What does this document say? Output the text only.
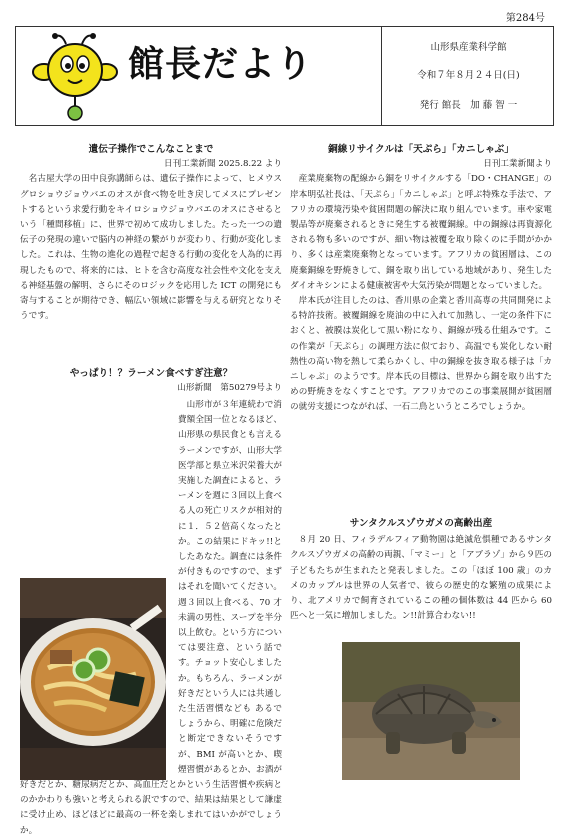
第284号
山形県産業科学館
令和７年８月２４日(日)
発行 館長　加 藤 智 一
館長だより
遺伝子操作でこんなことまで
日刊工業新聞 2025.8.22 より

名古屋大学の田中良弥講師らは、遺伝子操作によって、ヒメウスグロショウジョウバエのオスが食べ物を吐き戻してメスにプレゼントするという求愛行動をキイロショウジョウバエのオスにさせるという「種間移植」に、世界で初めて成功しました。たった一つの遺伝子の発現の違いで脳内の神経の繋がりが変わり、行動が変化しました。これは、生物の進化の過程で起きる行動の変化を人為的に再現したもので、将来的には、ヒトを含む高度な社会性や文化を支える神経基盤の解明、さらにそのロジックを応用した ICT の開発にも寄与することが期待でき、幅広い領域に影響を与える研究となりそうです。

やっぱり！？ラーメン食べすぎ注意？
山形新聞　第50279号より

山形市が３年連続わで消費額全国一位となるほど、山形県の県民食とも言えるラーメンですが、山形大学医学部と県立米沢栄養大が実施した調査によると、ラーメンを週に３回以上食べる人の死亡リスクが相対的に１．５２倍高くなったとか。この結果にドキッ!!としたあなた。調査には条件が付きものですので、まずはそれを聞いてください。週３回以上食べる、70 才未満の男性、スープを半分以上飲む。という方については要注意、という話です。チョット安心しましたか。もちろん、ラーメンが好きだという人には共通した生活習慣なども あるでしょうから、明確に危険だと断定できないそうですが、BMI が高いとか、喫煙習慣があるとか、お酒が好きだとか、糖尿病だとか、高血圧だとかという生活習慣や疾病とのかかわりも強いと考えられる訳ですので、結果は結果として謙虚に受け止め、ほどほどに最高の一杯を楽しまれてはいかがでしょうか。

銅線リサイクルは「天ぷら」「カニしゃぶ」
日刊工業新聞より

産業廃棄物の配線から銅をリサイクルする「DO・CHANGE」の岸本明弘社長は、「天ぷら」「カニしゃぶ」と呼ぶ特殊な手法で、アフリカの環境汚染や貧困問題の解決に取り組んでいます。車や家電製品等が廃棄されるときに発生する被覆銅線。中の銅線は再資源化される物も多いのですが、細い物は被覆を取り除くのに手間がかかり、多くは産業廃棄物となっています。アフリカの貧困層は、この廃棄銅線を野焼きして、銅を取り出している地域があり、発生したダイオキシンによる健康被害や大気汚染が問題となっていました。

岸本氏が注目したのは、香川県の企業と香川高専の共同開発による特許技術。被覆銅線を廃油の中に入れて加熱し、一定の条件下におくと、被膜は炭化して黒い粉になり、銅線が残る仕組みです。この作業が「天ぷら」の調理方法に似ており、高温でも炭化しない耐熱性の高い物を熱して柔らかくし、中の銅線を抜き取る様子は「カニしゃぶ」のようです。岸本氏の目標は、世界から銅を取り出すための野焼きをなくすことです。アフリカでのこの事業展開が貧困層の就労支援につながれば、一石二鳥というところでしょうか。

サンタクルスゾウガメの高齢出産

８月 20 日、フィラデルフィア動物園は絶滅危惧種であるサンタクルスゾウガメの高齢の両親、「マミー」と「アブラゾ」から９匹の子どもたちが生まれたと発表しました。この「ほぼ 100 歳」のカメのカップルは世界の人気者で、彼らの歴史的な繁殖の成果により、北アメリカで飼育されているこの種の個体数は 44 匹から 60 匹へと一気に増加しました。ン!!計算合わない!!
